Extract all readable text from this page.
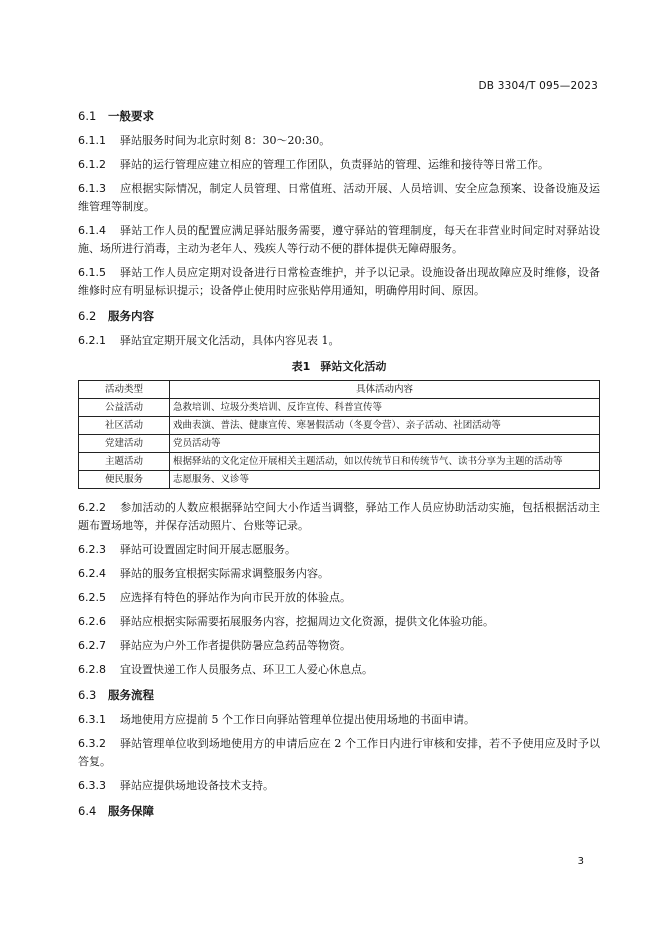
DB 3304/T 095—2023

6.1 一般要求

6.1.1 驿站服务时间为北京时刻 8：30～20:30。

6.1.2 驿站的运行管理应建立相应的管理工作团队，负责驿站的管理、运维和接待等日常工作。

6.1.3 应根据实际情况，制定人员管理、日常值班、活动开展、人员培训、安全应急预案、设备设施及运维管理等制度。

6.1.4 驿站工作人员的配置应满足驿站服务需要，遵守驿站的管理制度，每天在非营业时间定时对驿站设施、场所进行消毒，主动为老年人、残疾人等行动不便的群体提供无障碍服务。

6.1.5 驿站工作人员应定期对设备进行日常检查维护，并予以记录。设施设备出现故障应及时维修，设备维修时应有明显标识提示；设备停止使用时应张贴停用通知，明确停用时间、原因。

6.2 服务内容

6.2.1 驿站宜定期开展文化活动，具体内容见表 1。

表1 驿站文化活动

活动类型	具体活动内容
公益活动	急救培训、垃圾分类培训、反诈宣传、科普宣传等
社区活动	戏曲表演、普法、健康宣传、寒暑假活动（冬夏令营）、亲子活动、社团活动等
党建活动	党员活动等
主题活动	根据驿站的文化定位开展相关主题活动，如以传统节日和传统节气、读书分享为主题的活动等
便民服务	志愿服务、义诊等

6.2.2 参加活动的人数应根据驿站空间大小作适当调整，驿站工作人员应协助活动实施，包括根据活动主题布置场地等，并保存活动照片、台账等记录。

6.2.3 驿站可设置固定时间开展志愿服务。

6.2.4 驿站的服务宜根据实际需求调整服务内容。

6.2.5 应选择有特色的驿站作为向市民开放的体验点。

6.2.6 驿站应根据实际需要拓展服务内容，挖掘周边文化资源，提供文化体验功能。

6.2.7 驿站应为户外工作者提供防暑应急药品等物资。

6.2.8 宜设置快递工作人员服务点、环卫工人爱心休息点。

6.3 服务流程

6.3.1 场地使用方应提前 5 个工作日向驿站管理单位提出使用场地的书面申请。

6.3.2 驿站管理单位收到场地使用方的申请后应在 2 个工作日内进行审核和安排，若不予使用应及时予以答复。

6.3.3 驿站应提供场地设备技术支持。

6.4 服务保障

3
